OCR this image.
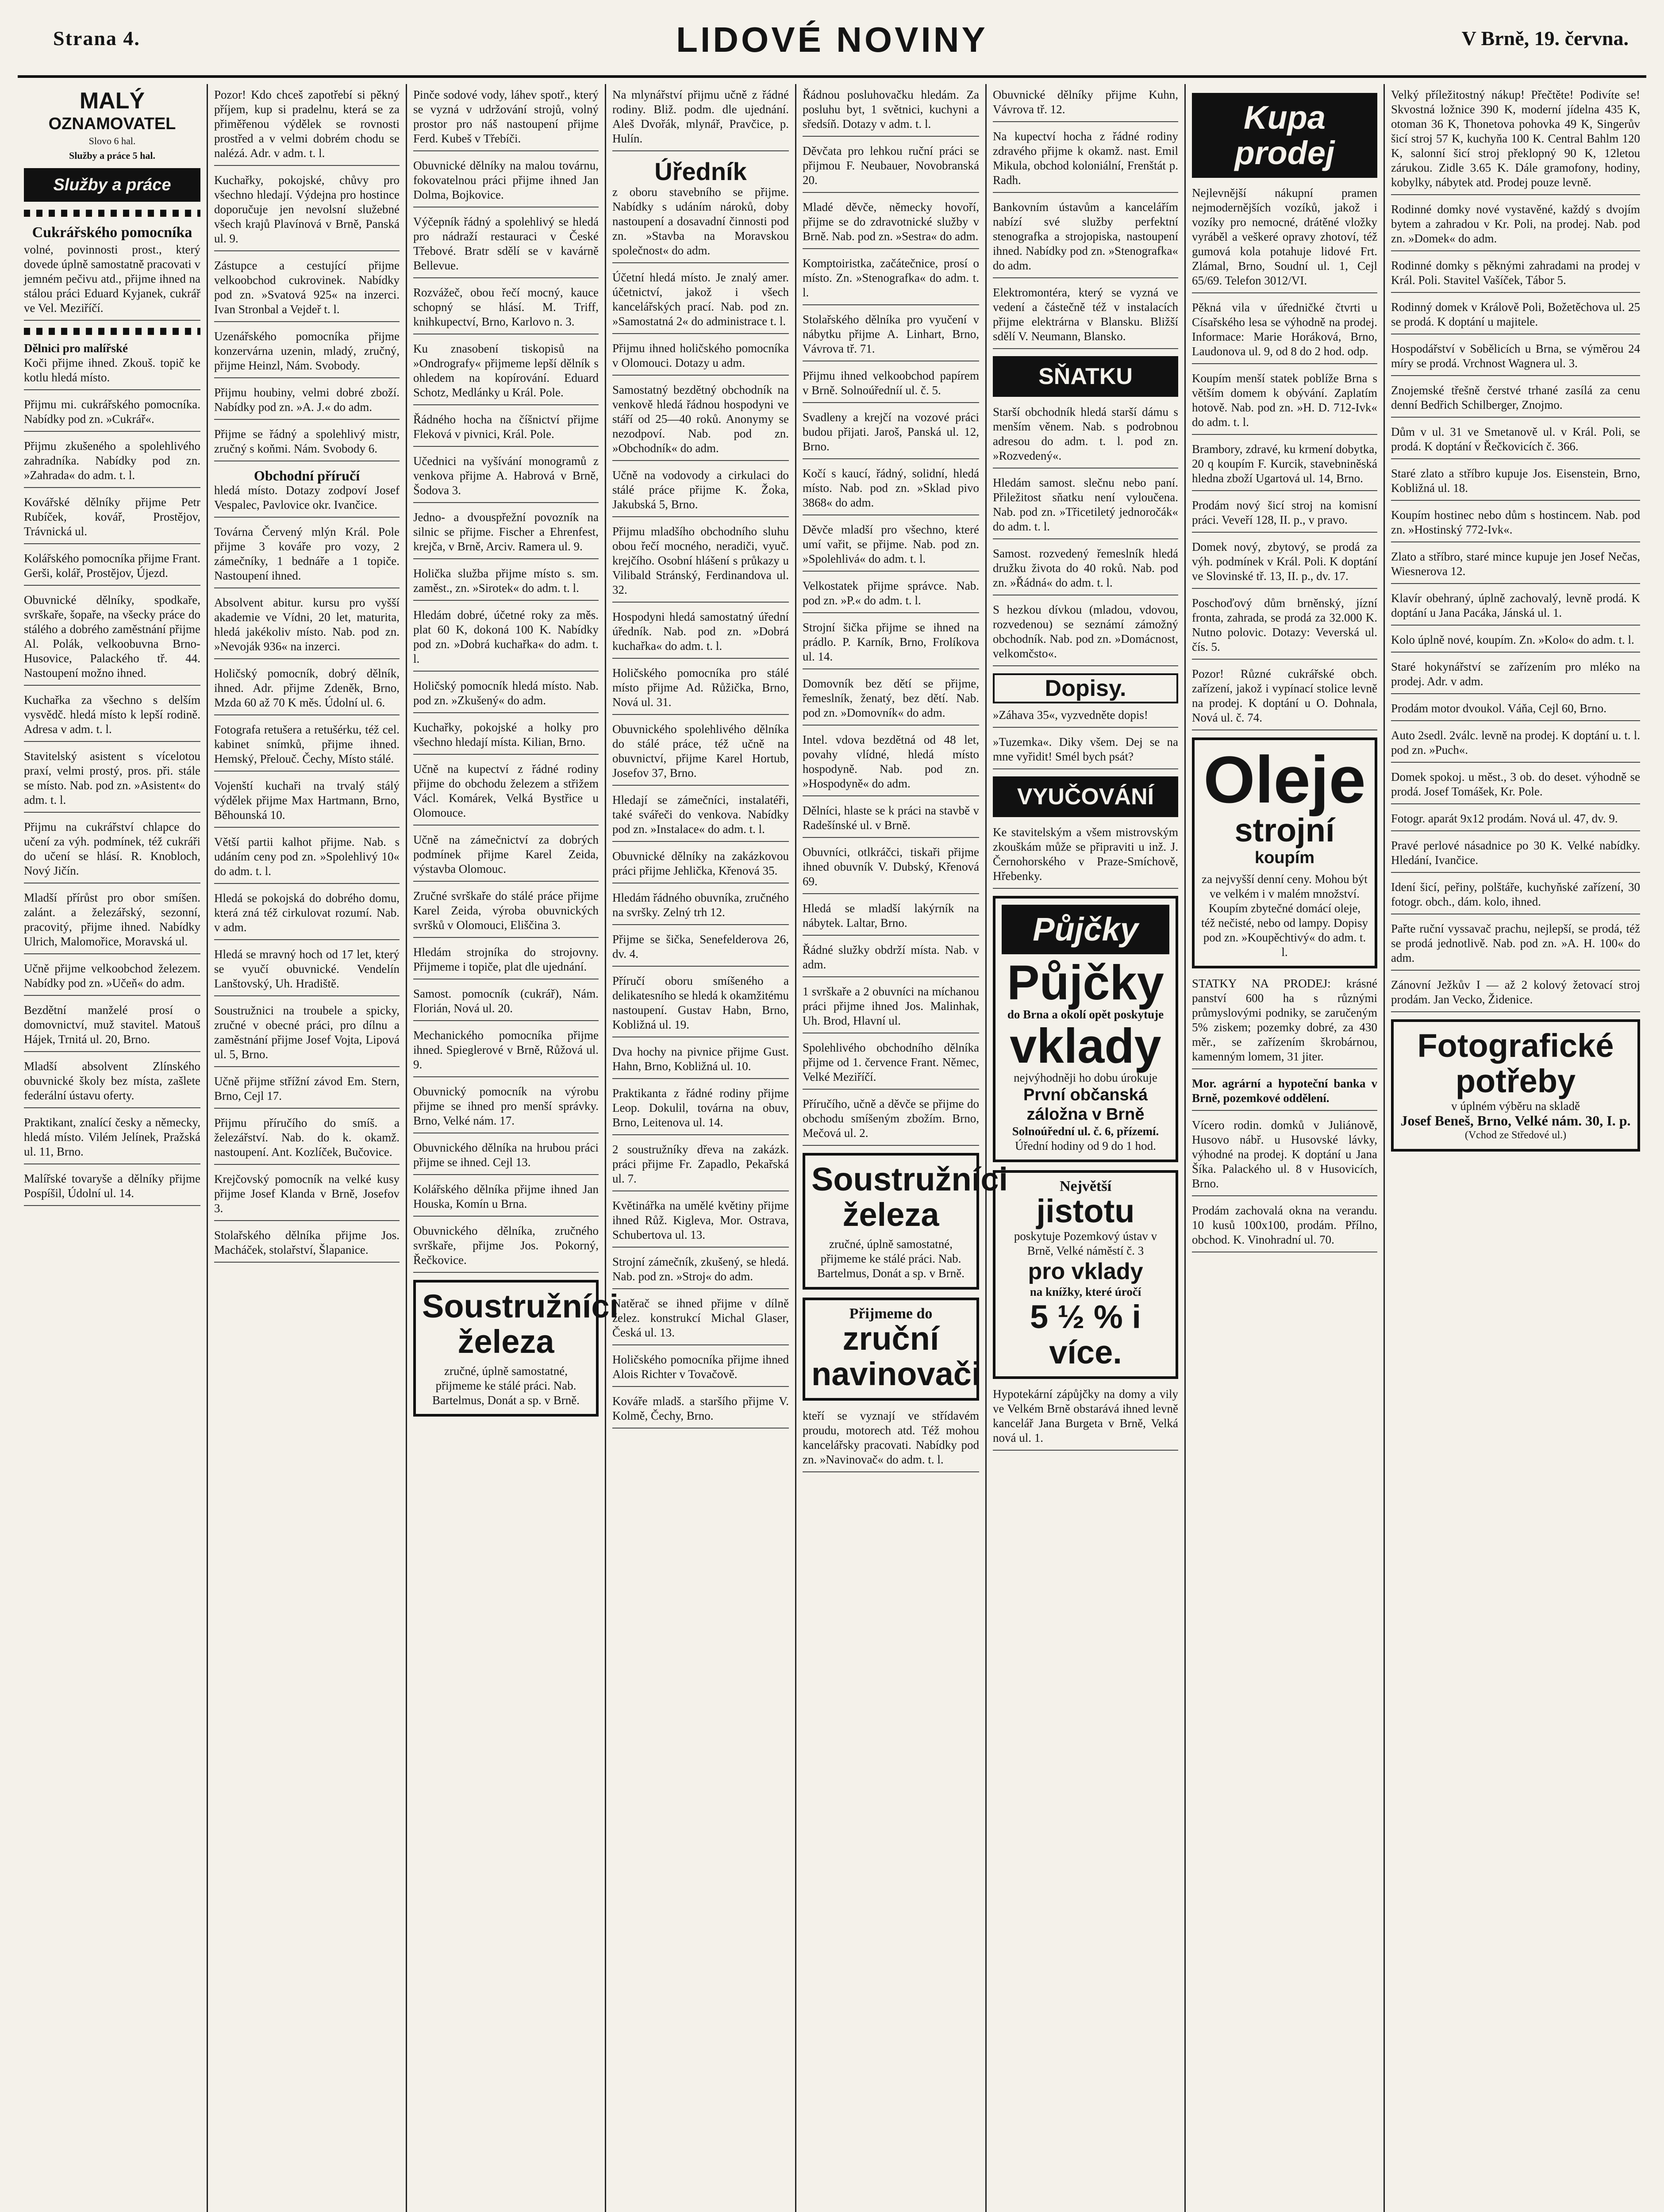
Strana 4.	LIDOVÉ NOVINY	V Brně, 19. června.
MALÝ
OZNAMOVATEL
Slovo 6 hal.
Služby a práce 5 hal.
Služby a práce
Cukrářského pomocníka
volné, povinnosti prost., který dovede úplně samostatně pracovati v jemném pečivu atd., přijme ihned na stálou práci Eduard Kyjanek, cukrář ve Vel. Meziříčí.
Dělnici pro malířské
Koči přijme ihned. Zkouš. topič ke kotlu hledá místo.
Přijmu mi. cukrářského pomocníka. Nabídky pod zn. »Cukrář«.
Přijmu zkušeného a spolehlivého zahradníka. Nabídky pod zn. »Zahrada« do adm. t. l.
Kovářské dělníky přijme Petr Rubíček, kovář, Prostějov, Trávnická ul.
Kolářského pomocníka přijme Frant. Gerši, kolář, Prostějov, Újezd.
Obuvnické dělníky, spodkaře, svrškaře, šopaře, na všecky práce do stálého a dobrého zaměstnání přijme Al. Polák, velkoobuvna Brno-Husovice, Palackého tř. 44. Nastoupení možno ihned.
Kuchařka za všechno s delším vysvědč. hledá místo k lepší rodině. Adresa v adm. t. l.
Stavitelský asistent s vícelotou praxí, velmi prostý, pros. při. stále se místo. Nab. pod zn. »Asistent« do adm. t. l.
Přijmu na cukrářství chlapce do učení za výh. podmínek, též cukráři do učení se hlásí. R. Knobloch, Nový Jičín.
Mladší přírůst pro obor smíšen. zalánt. a železářský, sezonní, pracovitý, přijme ihned. Nabídky Ulrich, Malomořice, Moravská ul.
Učně přijme velkoobchod železem. Nabídky pod zn. »Učeň« do adm.
Bezdětní manželé prosí o domovnictví, muž stavitel. Matouš Hájek, Trnitá ul. 20, Brno.
Mladší absolvent Zlínského obuvnické školy bez místa, zašlete federální ústavu oferty.
Praktikant, znalící česky a německy, hledá místo. Vilém Jelínek, Pražská ul. 11, Brno.
Malířské tovaryše a dělníky přijme Pospíšil, Údolní ul. 14.
Pozor! Kdo chceš zapotřebí si pěkný příjem, kup si pradelnu, která se za přiměřenou výdělek se rovnosti prostřed a v velmi dobrém chodu se nalézá. Adr. v adm. t. l.
Kuchařky, pokojské, chůvy pro všechno hledají. Výdejna pro hostince doporučuje jen nevolsní služebné všech krajů Plavínová v Brně, Panská ul. 9.
Zástupce a cestující přijme velkoobchod cukrovinek. Nabídky pod zn. »Svatová 925« na inzerci. Ivan Stronbal a Vejdeř t. l.
Uzenářského pomocníka přijme konzervárna uzenin, mladý, zručný, přijme Heinzl, Nám. Svobody.
Přijmu houbiny, velmi dobré zboží. Nabídky pod zn. »A. J.« do adm.
Přijme se řádný a spolehlivý mistr, zručný s koňmi. Nám. Svobody 6.
Obchodní příručí
hledá místo. Dotazy zodpoví Josef Vespalec, Pavlovice okr. Ivančice.
Továrna Červený mlýn Král. Pole přijme 3 kováře pro vozy, 2 zámečníky, 1 bednáře a 1 topiče. Nastoupení ihned.
Absolvent abitur. kursu pro vyšší akademie ve Vídni, 20 let, maturita, hledá jakékoliv místo. Nab. pod zn. »Nevoják 936« na inzerci.
Holičský pomocník, dobrý dělník, ihned. Adr. přijme Zdeněk, Brno, Mzda 60 až 70 K měs. Údolní ul. 6.
Fotografa retušera a retušérku, též cel. kabinet snímků, přijme ihned. Hemský, Přelouč. Čechy, Místo stálé.
Vojenští kuchaři na trvalý stálý výdělek přijme Max Hartmann, Brno, Běhounská 10.
Větší partii kalhot přijme. Nab. s udáním ceny pod zn. »Spolehlivý 10« do adm. t. l.
Hledá se pokojská do dobrého domu, která zná též cirkulovat rozumí. Nab. v adm.
Hledá se mravný hoch od 17 let, který se vyučí obuvnické. Vendelín Lanštovský, Uh. Hradiště.
Soustružnici na troubele a spicky, zručné v obecné práci, pro dílnu a zaměstnání přijme Josef Vojta, Lipová ul. 5, Brno.
Učně přijme střížní závod Em. Stern, Brno, Cejl 17.
Přijmu příručího do smíš. a železářství. Nab. do k. okamž. nastoupení. Ant. Kozlíček, Bučovice.
Krejčovský pomocník na velké kusy přijme Josef Klanda v Brně, Josefov 3.
Stolařského dělníka přijme Jos. Macháček, stolařství, Šlapanice.
Pinče sodové vody, láhev spotř., který se vyzná v udržování strojů, volný prostor pro náš nastoupení přijme Ferd. Kubeš v Třebíči.
Obuvnické dělníky na malou továrnu, fokovatelnou práci přijme ihned Jan Dolma, Bojkovice.
Výčepník řádný a spolehlivý se hledá pro nádraží restauraci v České Třebové. Bratr sdělí se v kavárně Bellevue.
Rozvážeč, obou řečí mocný, kauce schopný se hlásí. M. Triff, knihkupectví, Brno, Karlovo n. 3.
Ku znasobení tiskopisů na »Ondrografy« přijmeme lepší dělník s ohledem na kopírování. Eduard Schotz, Medlánky u Král. Pole.
Řádného hocha na číšnictví přijme Fleková v pivnici, Král. Pole.
Učednici na vyšívání monogramů z venkova přijme A. Habrová v Brně, Šodova 3.
Jedno- a dvouspřežní povozník na silnic se přijme. Fischer a Ehrenfest, krejča, v Brně, Arciv. Ramera ul. 9.
Holička služba přijme místo s. sm. zaměst., zn. »Sirotek« do adm. t. l.
Hledám dobré, účetné roky za měs. plat 60 K, dokoná 100 K. Nabídky pod zn. »Dobrá kuchařka« do adm. t. l.
Holičský pomocník hledá místo. Nab. pod zn. »Zkušený« do adm.
Kuchařky, pokojské a holky pro všechno hledají místa. Kilian, Brno.
Učně na kupectví z řádné rodiny přijme do obchodu železem a střižem Václ. Komárek, Velká Bystřice u Olomouce.
Učně na zámečnictví za dobrých podmínek přijme Karel Zeida, výstavba Olomouc.
Zručné svrškaře do stálé práce přijme Karel Zeida, výroba obuvnických svršků v Olomouci, Eliščina 3.
Hledám strojníka do strojovny. Přijmeme i topiče, plat dle ujednání.
Samost. pomocník (cukrář), Nám. Florián, Nová ul. 20.
Mechanického pomocníka přijme ihned. Spieglerové v Brně, Růžová ul. 9.
Obuvnický pomocník na výrobu přijme se ihned pro menší správky. Brno, Velké nám. 17.
Obuvnického dělníka na hrubou práci přijme se ihned. Cejl 13.
Kolářského dělníka přijme ihned Jan Houska, Komín u Brna.
Obuvnického dělníka, zručného svrškaře, přijme Jos. Pokorný, Řečkovice.
Soustružníci železa
zručné, úplně samostatné, přijmeme ke stálé práci. Nab. Bartelmus, Donát a sp. v Brně.
Na mlynářství přijmu učně z řádné rodiny. Bliž. podm. dle ujednání. Aleš Dvořák, mlynář, Pravčice, p. Hulín.
Úředník
z oboru stavebního se přijme. Nabídky s udáním nároků, doby nastoupení a dosavadní činnosti pod zn. »Stavba na Moravskou společnost« do adm.
Účetní hledá místo. Je znalý amer. účetnictví, jakož i všech kancelářských prací. Nab. pod zn. »Samostatná 2« do administrace t. l.
Přijmu ihned holičského pomocníka v Olomouci. Dotazy u adm.
Samostatný bezdětný obchodník na venkově hledá řádnou hospodyni ve stáří od 25—40 roků. Anonymy se nezodpoví. Nab. pod zn. »Obchodník« do adm.
Učně na vodovody a cirkulaci do stálé práce přijme K. Žoka, Jakubská 5, Brno.
Přijmu mladšího obchodního sluhu obou řečí mocného, neradiči, vyuč. krejčího. Osobní hlášení s průkazy u Vilibald Stránský, Ferdinandova ul. 32.
Hospodyni hledá samostatný úřední úředník. Nab. pod zn. »Dobrá kuchařka« do adm. t. l.
Holičského pomocníka pro stálé místo přijme Ad. Růžička, Brno, Nová ul. 31.
Obuvnického spolehlivého dělníka do stálé práce, též učně na obuvnictví, přijme Karel Hortub, Josefov 37, Brno.
Hledají se zámečníci, instalatéři, také svářeči do venkova. Nabídky pod zn. »Instalace« do adm. t. l.
Obuvnické dělníky na zakázkovou práci přijme Jehlička, Křenová 35.
Hledám řádného obuvníka, zručného na svršky. Zelný trh 12.
Přijme se šička, Senefelderova 26, dv. 4.
Příručí oboru smíšeného a delikatesního se hledá k okamžitému nastoupení. Gustav Habn, Brno, Kobližná ul. 19.
Dva hochy na pivnice přijme Gust. Hahn, Brno, Kobližná ul. 10.
Praktikanta z řádné rodiny přijme Leop. Dokulil, továrna na obuv, Brno, Leitenova ul. 14.
2 soustružníky dřeva na zakázk. práci přijme Fr. Zapadlo, Pekařská ul. 7.
Květinářka na umělé květiny přijme ihned Růž. Kigleva, Mor. Ostrava, Schubertova ul. 13.
Strojní zámečník, zkušený, se hledá. Nab. pod zn. »Stroj« do adm.
Natěrač se ihned přijme v dílně želez. konstrukcí Michal Glaser, Česká ul. 13.
Holičského pomocníka přijme ihned Alois Richter v Tovačově.
Kováře mladš. a staršího přijme V. Kolmě, Čechy, Brno.
Řádnou posluhovačku hledám. Za posluhu byt, 1 světnici, kuchyni a sředsíň. Dotazy v adm. t. l.
Děvčata pro lehkou ruční práci se přijmou F. Neubauer, Novobranská 20.
Mladé děvče, německy hovoří, přijme se do zdravotnické služby v Brně. Nab. pod zn. »Sestra« do adm.
Komptoiristka, začátečnice, prosí o místo. Zn. »Stenografka« do adm. t. l.
Stolařského dělníka pro vyučení v nábytku přijme A. Linhart, Brno, Vávrova tř. 71.
Přijmu ihned velkoobchod papírem v Brně. Solnoúředníí ul. č. 5.
Svadleny a krejčí na vozové práci budou přijati. Jaroš, Panská ul. 12, Brno.
Kočí s kaucí, řádný, solidní, hledá místo. Nab. pod zn. »Sklad pivo 3868« do adm.
Děvče mladší pro všechno, které umí vařit, se přijme. Nab. pod zn. »Spolehlivá« do adm. t. l.
Velkostatek přijme správce. Nab. pod zn. »P.« do adm. t. l.
Strojní šička přijme se ihned na prádlo. P. Karník, Brno, Frolíkova ul. 14.
Domovník bez dětí se přijme, řemeslník, ženatý, bez dětí. Nab. pod zn. »Domovník« do adm.
Intel. vdova bezdětná od 48 let, povahy vlídné, hledá místo hospodyně. Nab. pod zn. »Hospodyně« do adm.
Dělníci, hlaste se k práci na stavbě v Radešínské ul. v Brně.
Obuvníci, otlkráčci, tiskaři přijme ihned obuvník V. Dubský, Křenová 69.
Hledá se mladší lakýrník na nábytek. Laltar, Brno.
Řádné služky obdrží místa. Nab. v adm.
1 svrškaře a 2 obuvníci na míchanou práci přijme ihned Jos. Malinhak, Uh. Brod, Hlavní ul.
Spolehlivého obchodního dělníka přijme od 1. července Frant. Němec, Velké Meziříčí.
Příručího, učně a děvče se přijme do obchodu smíšeným zbožím. Brno, Mečová ul. 2.
Soustružníci železa
zručné, úplně samostatné, přijmeme ke stálé práci. Nab. Bartelmus, Donát a sp. v Brně.
Přijmeme do
zruční navinovači
kteří se vyznají ve střídavém proudu, motorech atd. Též mohou kancelářsky pracovati. Nabídky pod zn. »Navinovač« do adm. t. l.
Obuvnické dělníky přijme Kuhn, Vávrova tř. 12.
Na kupectví hocha z řádné rodiny zdravého přijme k okamž. nast. Emil Mikula, obchod koloniální, Frenštát p. Radh.
Bankovním ústavům a kancelářím nabízí své služby perfektní stenografka a strojopiska, nastoupení ihned. Nabídky pod zn. »Stenografka« do adm.
Elektromontéra, který se vyzná ve vedení a částečně též v instalacích přijme elektrárna v Blansku. Bližší sdělí V. Neumann, Blansko.
SŇATKU
Starší obchodník hledá starší dámu s menším věnem. Nab. s podrobnou adresou do adm. t. l. pod zn. »Rozvedený«.
Hledám samost. slečnu nebo paní. Přiležitost sňatku není vyloučena. Nab. pod zn. »Třicetiletý jednoročák« do adm. t. l.
Samost. rozvedený řemeslník hledá družku života do 40 roků. Nab. pod zn. »Řádná« do adm. t. l.
S hezkou dívkou (mladou, vdovou, rozvedenou) se seznámí zámožný obchodník. Nab. pod zn. »Domácnost, velkomčsto«.
Dopisy.
»Záhava 35«, vyzvedněte dopis!
»Tuzemka«. Diky všem. Dej se na mne vyřidit! Smél bych psát?
VYUČOVÁNÍ
Ke stavitelským a všem mistrovským zkouškám může se připraviti u inž. J. Černohorského v Praze-Smíchově, Hřebenky.
Půjčky
Půjčky
do Brna a okolí opět poskytuje
vklady
nejvýhodněji ho dobu úrokujе
První občanská záložna v Brně
Solnoúřední ul. č. 6, přízemí.
Úřední hodiny od 9 do 1 hod.
Největší
jistotu
poskytuje Pozemkový ústav v Brně, Velké náměstí č. 3
pro vklady
na knížky, které úročí
5 ½ % i více.
Hypotekární zápůjčky na domy a vily ve Velkém Brně obstarává ihned levně kancelář Jana Burgeta v Brně, Velká nová ul. 1.
Kupa prodej
Nejlevnější nákupní pramen nejmodernějších vozíků, jakož i vozíky pro nemocné, drátěné vložky vyráběl a veškeré opravy zhotoví, též gumová kola potahuje lidové Frt. Zlámal, Brno, Soudní ul. 1, Cejl 65/69. Telefon 3012/VI.
Pěkná vila v úředničké čtvrti u Císařského lesa se výhodně na prodej. Informace: Marie Horáková, Brno, Laudonova ul. 9, od 8 do 2 hod. odp.
Koupím menší statek poblíže Brna s větším domem k obývání. Zaplatím hotově. Nab. pod zn. »H. D. 712-Ivk« do adm. t. l.
Brambory, zdravé, ku krmení dobytka, 20 q koupím F. Kurcik, stavebniněská hledna zboží Ugartová ul. 14, Brno.
Prodám nový šicí stroj na komisní práci. Veveří 128, II. p., v pravo.
Domek nový, zbytový, se prodá za výh. podmínek v Král. Poli. K doptání ve Slovinské tř. 13, II. p., dv. 17.
Poschoďový dům brněnský, jízní fronta, zahrada, se prodá za 32.000 K. Nutno polovic. Dotazy: Veverská ul. čís. 5.
Pozor! Různé cukrářské obch. zařízení, jakož i vypínací stolice levně na prodej. K doptání u O. Dohnala, Nová ul. č. 74.
Oleje
strojní
koupím
za nejvyšší denní ceny. Mohou být ve velkém i v malém množství. Koupím zbytečné domácí oleje, též nečisté, nebo od lampy. Dopisy pod zn. »Koupěchtivý« do adm. t. l.
STATKY NA PRODEJ: krásné panství 600 ha s různými průmyslovými podniky, se zaručeným 5% ziskem; pozemky dobré, za 430 měr., se zařízením škrobárnou, kamenným lomem, 31 jiter.
Mor. agrární a hypoteční banka v Brně, pozemkové oddělení.
Vícero rodin. domků v Juliánově, Husovo nábř. u Husovské lávky, výhodné na prodej. K doptání u Jana Šíka. Palackého ul. 8 v Husovicích, Brno.
Prodám zachovalá okna na verandu. 10 kusů 100x100, prodám. Přílno, obchod. K. Vinohradní ul. 70.
Velký příležitostný nákup! Přečtěte! Podivíte se! Skvostná ložnice 390 K, moderní jídelna 435 K, otoman 36 K, Thonetova pohovka 49 K, Singerův šicí stroj 57 K, kuchyňa 100 K. Central Bahlm 120 K, salonní šicí stroj překlopný 90 K, 12letou zárukou. Zidle 3.65 K. Dále gramofony, hodiny, kobylky, nábytek atd. Prodej pouze levně.
Rodinné domky nové vystavěné, každý s dvojím bytem a zahradou v Kr. Poli, na prodej. Nab. pod zn. »Domek« do adm.
Rodinné domky s pěknými zahradami na prodej v Král. Poli. Stavitel Vašíček, Tábor 5.
Rodinný domek v Králově Poli, Božetěchova ul. 25 se prodá. K doptání u majitele.
Hospodářství v Sobělicích u Brna, se výměrou 24 míry se prodá. Vrchnost Wagnera ul. 3.
Znojemské třešně čerstvé trhané zasílá za cenu denní Bedřich Schilberger, Znojmo.
Dům v ul. 31 ve Smetanově ul. v Král. Poli, se prodá. K doptání v Řečkovicích č. 366.
Staré zlato a stříbro kupuje Jos. Eisenstein, Brno, Kobližná ul. 18.
Koupím hostinec nebo dům s hostincem. Nab. pod zn. »Hostinský 772-Ivk«.
Zlato a stříbro, staré mince kupuje jen Josef Nečas, Wiesnerova 12.
Klavír obehraný, úplně zachovalý, levně prodá. K doptání u Jana Pacáka, Jánská ul. 1.
Kolo úplně nové, koupím. Zn. »Kolo« do adm. t. l.
Staré hokynářství se zařízením pro mléko na prodej. Adr. v adm.
Prodám motor dvoukol. Váňa, Cejl 60, Brno.
Auto 2sedl. 2válc. levně na prodej. K doptání u. t. l. pod zn. »Puch«.
Domek spokoj. u měst., 3 ob. do deset. výhodně se prodá. Josef Tomášek, Kr. Pole.
Fotogr. aparát 9x12 prodám. Nová ul. 47, dv. 9.
Pravé perlové násadnice po 30 K. Velké nabídky. Hledání, Ivančice.
Idení šicí, peřiny, polštáře, kuchyňské zařízení, 30 fotogr. obch., dám. kolo, ihned.
Pařte ruční vyssavač prachu, nejlepší, se prodá, též se prodá jednotlivě. Nab. pod zn. »A. H. 100« do adm.
Zánovní Ježkův I — až 2 kolový žetovací stroj prodám. Jan Vecko, Židenice.
Fotografické potřeby
v úplném výběru na skladě
Josef Beneš, Brno, Velké nám. 30, I. p.
(Vchod ze Středové ul.)
